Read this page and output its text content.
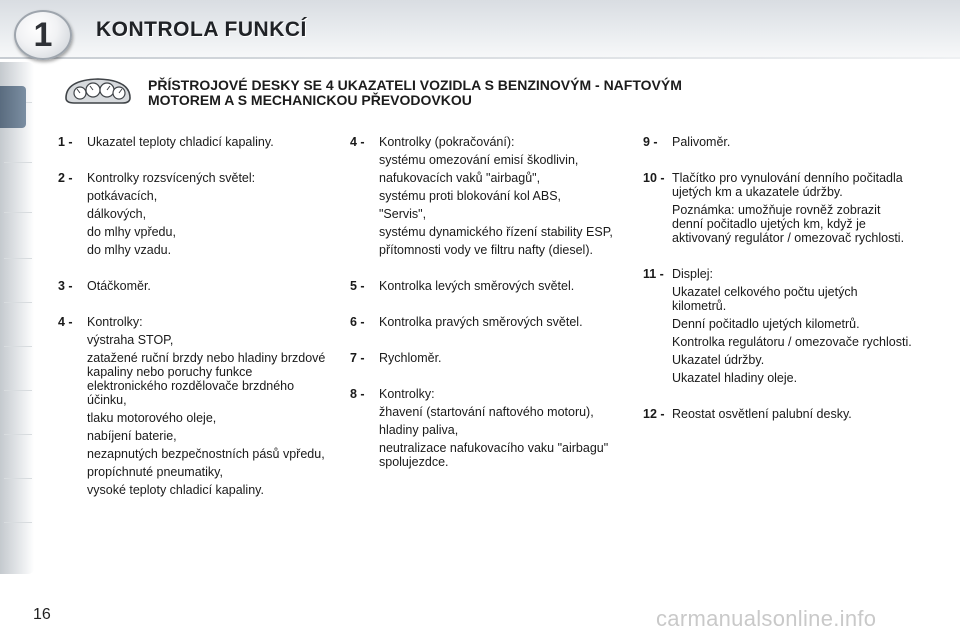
1	KONTROLA FUNKCÍ
PŘÍSTROJOVÉ DESKY SE 4 UKAZATELI VOZIDLA S BENZINOVÝM - NAFTOVÝM
MOTOREM A S MECHANICKOU PŘEVODOVKOU
1 -	Ukazatel teploty chladicí kapaliny.
2 -	Kontrolky rozsvícených světel:
potkávacích,
dálkových,
do mlhy vpředu,
do mlhy vzadu.
3 -	Otáčkoměr.
4 -	Kontrolky:
výstraha STOP,
zatažené ruční brzdy nebo hladiny brzdové kapaliny nebo poruchy funkce elektronického rozdělovače brzdného účinku,
tlaku motorového oleje,
nabíjení baterie,
nezapnutých bezpečnostních pásů vpředu,
propíchnuté pneumatiky,
vysoké teploty chladicí kapaliny.
4 -	Kontrolky (pokračování):
systému omezování emisí škodlivin,
nafukovacích vaků "airbagů",
systému proti blokování kol ABS,
"Servis",
systému dynamického řízení stability ESP,
přítomnosti vody ve filtru nafty (diesel).
5 -	Kontrolka levých směrových světel.
6 -	Kontrolka pravých směrových světel.
7 -	Rychloměr.
8 -	Kontrolky:
žhavení (startování naftového motoru),
hladiny paliva,
neutralizace nafukovacího vaku "airbagu" spolujezdce.
9 -	Palivoměr.
10 - Tlačítko pro vynulování denního počitadla ujetých km a ukazatele údržby.
Poznámka: umožňuje rovněž zobrazit denní počitadlo ujetých km, když je aktivovaný regulátor / omezovač rychlosti.
11 - Displej:
Ukazatel celkového počtu ujetých kilometrů.
Denní počitadlo ujetých kilometrů.
Kontrolka regulátoru / omezovače rychlosti.
Ukazatel údržby.
Ukazatel hladiny oleje.
12 - Reostat osvětlení palubní desky.
16	carmanualsonline.info
